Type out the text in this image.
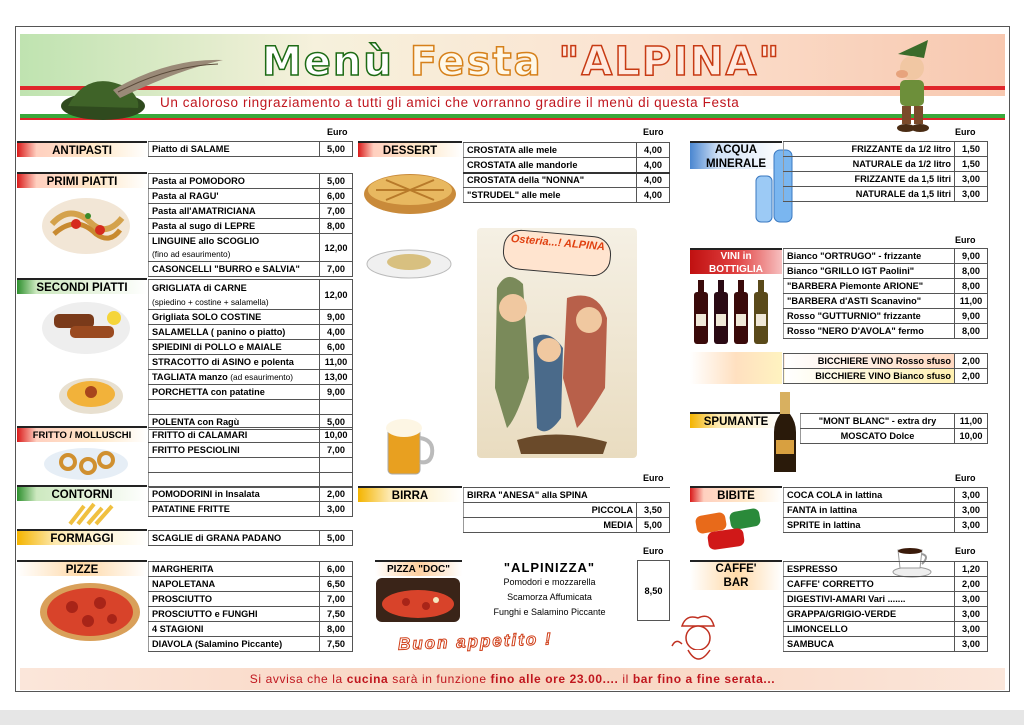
Menù Festa "ALPINA"
Un caloroso ringraziamento a tutti gli amici che vorranno gradire il menù di questa Festa
Euro
ANTIPASTI	Piatto di SALAME	5,00
PRIMI PIATTI	Pasta al POMODORO	5,00
Pasta al RAGU'	6,00
Pasta all'AMATRICIANA	7,00
Pasta al sugo di LEPRE	8,00

LINGUINE allo SCOGLIO
(fino ad esaurimento)	12,00
CASONCELLI "BURRO e SALVIA"	7,00
SECONDI PIATTI	GRIGLIATA di CARNE
(spiedino + costine + salamella)	12,00
Grigliata SOLO COSTINE	9,00
SALAMELLA ( panino o piatto)	4,00
SPIEDINI di POLLO e MAIALE	6,00
STRACOTTO di ASINO e polenta	11,00
TAGLIATA manzo (ad esaurimento)	13,00
PORCHETTA con patatine	9,00

POLENTA con Ragù	5,00
FRITTO / MOLLUSCHI	FRITTO di CALAMARI	10,00
FRITTO PESCIOLINI	7,00

CONTORNI	POMODORINI in Insalata	2,00
PATATINE FRITTE	3,00
FORMAGGI	SCAGLIE di GRANA PADANO	5,00
PIZZE	MARGHERITA	6,00
NAPOLETANA	6,50
PROSCIUTTO	7,00
PROSCIUTTO e FUNGHI	7,50
4 STAGIONI	8,00
DIAVOLA (Salamino Piccante)	7,50
Euro
DESSERT	CROSTATA alle mele	4,00
CROSTATA alle mandorle	4,00
CROSTATA della "NONNA"	4,00
"STRUDEL" alle mele	4,00
Osteria...! ALPINA
Euro
BIRRA	BIRRA "ANESA" alla SPINA	
PICCOLA	3,50
MEDIA	5,00
Euro
PIZZA "DOC"	"ALPINIZZA"
Pomodori e mozzarella
Scamorza Affumicata
Funghi e Salamino Piccante
8,50
Buon appetito !
Euro
ACQUA
MINERALE
FRIZZANTE da 1/2 litro	1,50
NATURALE da 1/2 litro	1,50
FRIZZANTE da 1,5 litri	3,00
NATURALE da 1,5 litri	3,00
Euro
VINI in
BOTTIGLIA
Bianco "ORTRUGO" - frizzante	9,00
Bianco "GRILLO IGT Paolini"	8,00
"BARBERA Piemonte ARIONE"	8,00
"BARBERA d'ASTI Scanavino"	11,00
Rosso "GUTTURNIO" frizzante	9,00
Rosso "NERO D'AVOLA" fermo	8,00
BICCHIERE VINO Rosso sfuso	2,00
BICCHIERE VINO Bianco sfuso	2,00
SPUMANTE	"MONT BLANC" - extra dry	11,00
MOSCATO Dolce	10,00
Euro
BIBITE	COCA COLA in lattina	3,00
FANTA in lattina	3,00
SPRITE in lattina	3,00
Euro
CAFFE'
BAR
ESPRESSO	1,20
CAFFE' CORRETTO	2,00
DIGESTIVI-AMARI Vari .......	3,00
GRAPPA/GRIGIO-VERDE	3,00
LIMONCELLO	3,00
SAMBUCA	3,00
Si avvisa che la cucina sarà in funzione fino alle ore 23.00.... il bar fino a fine serata...
